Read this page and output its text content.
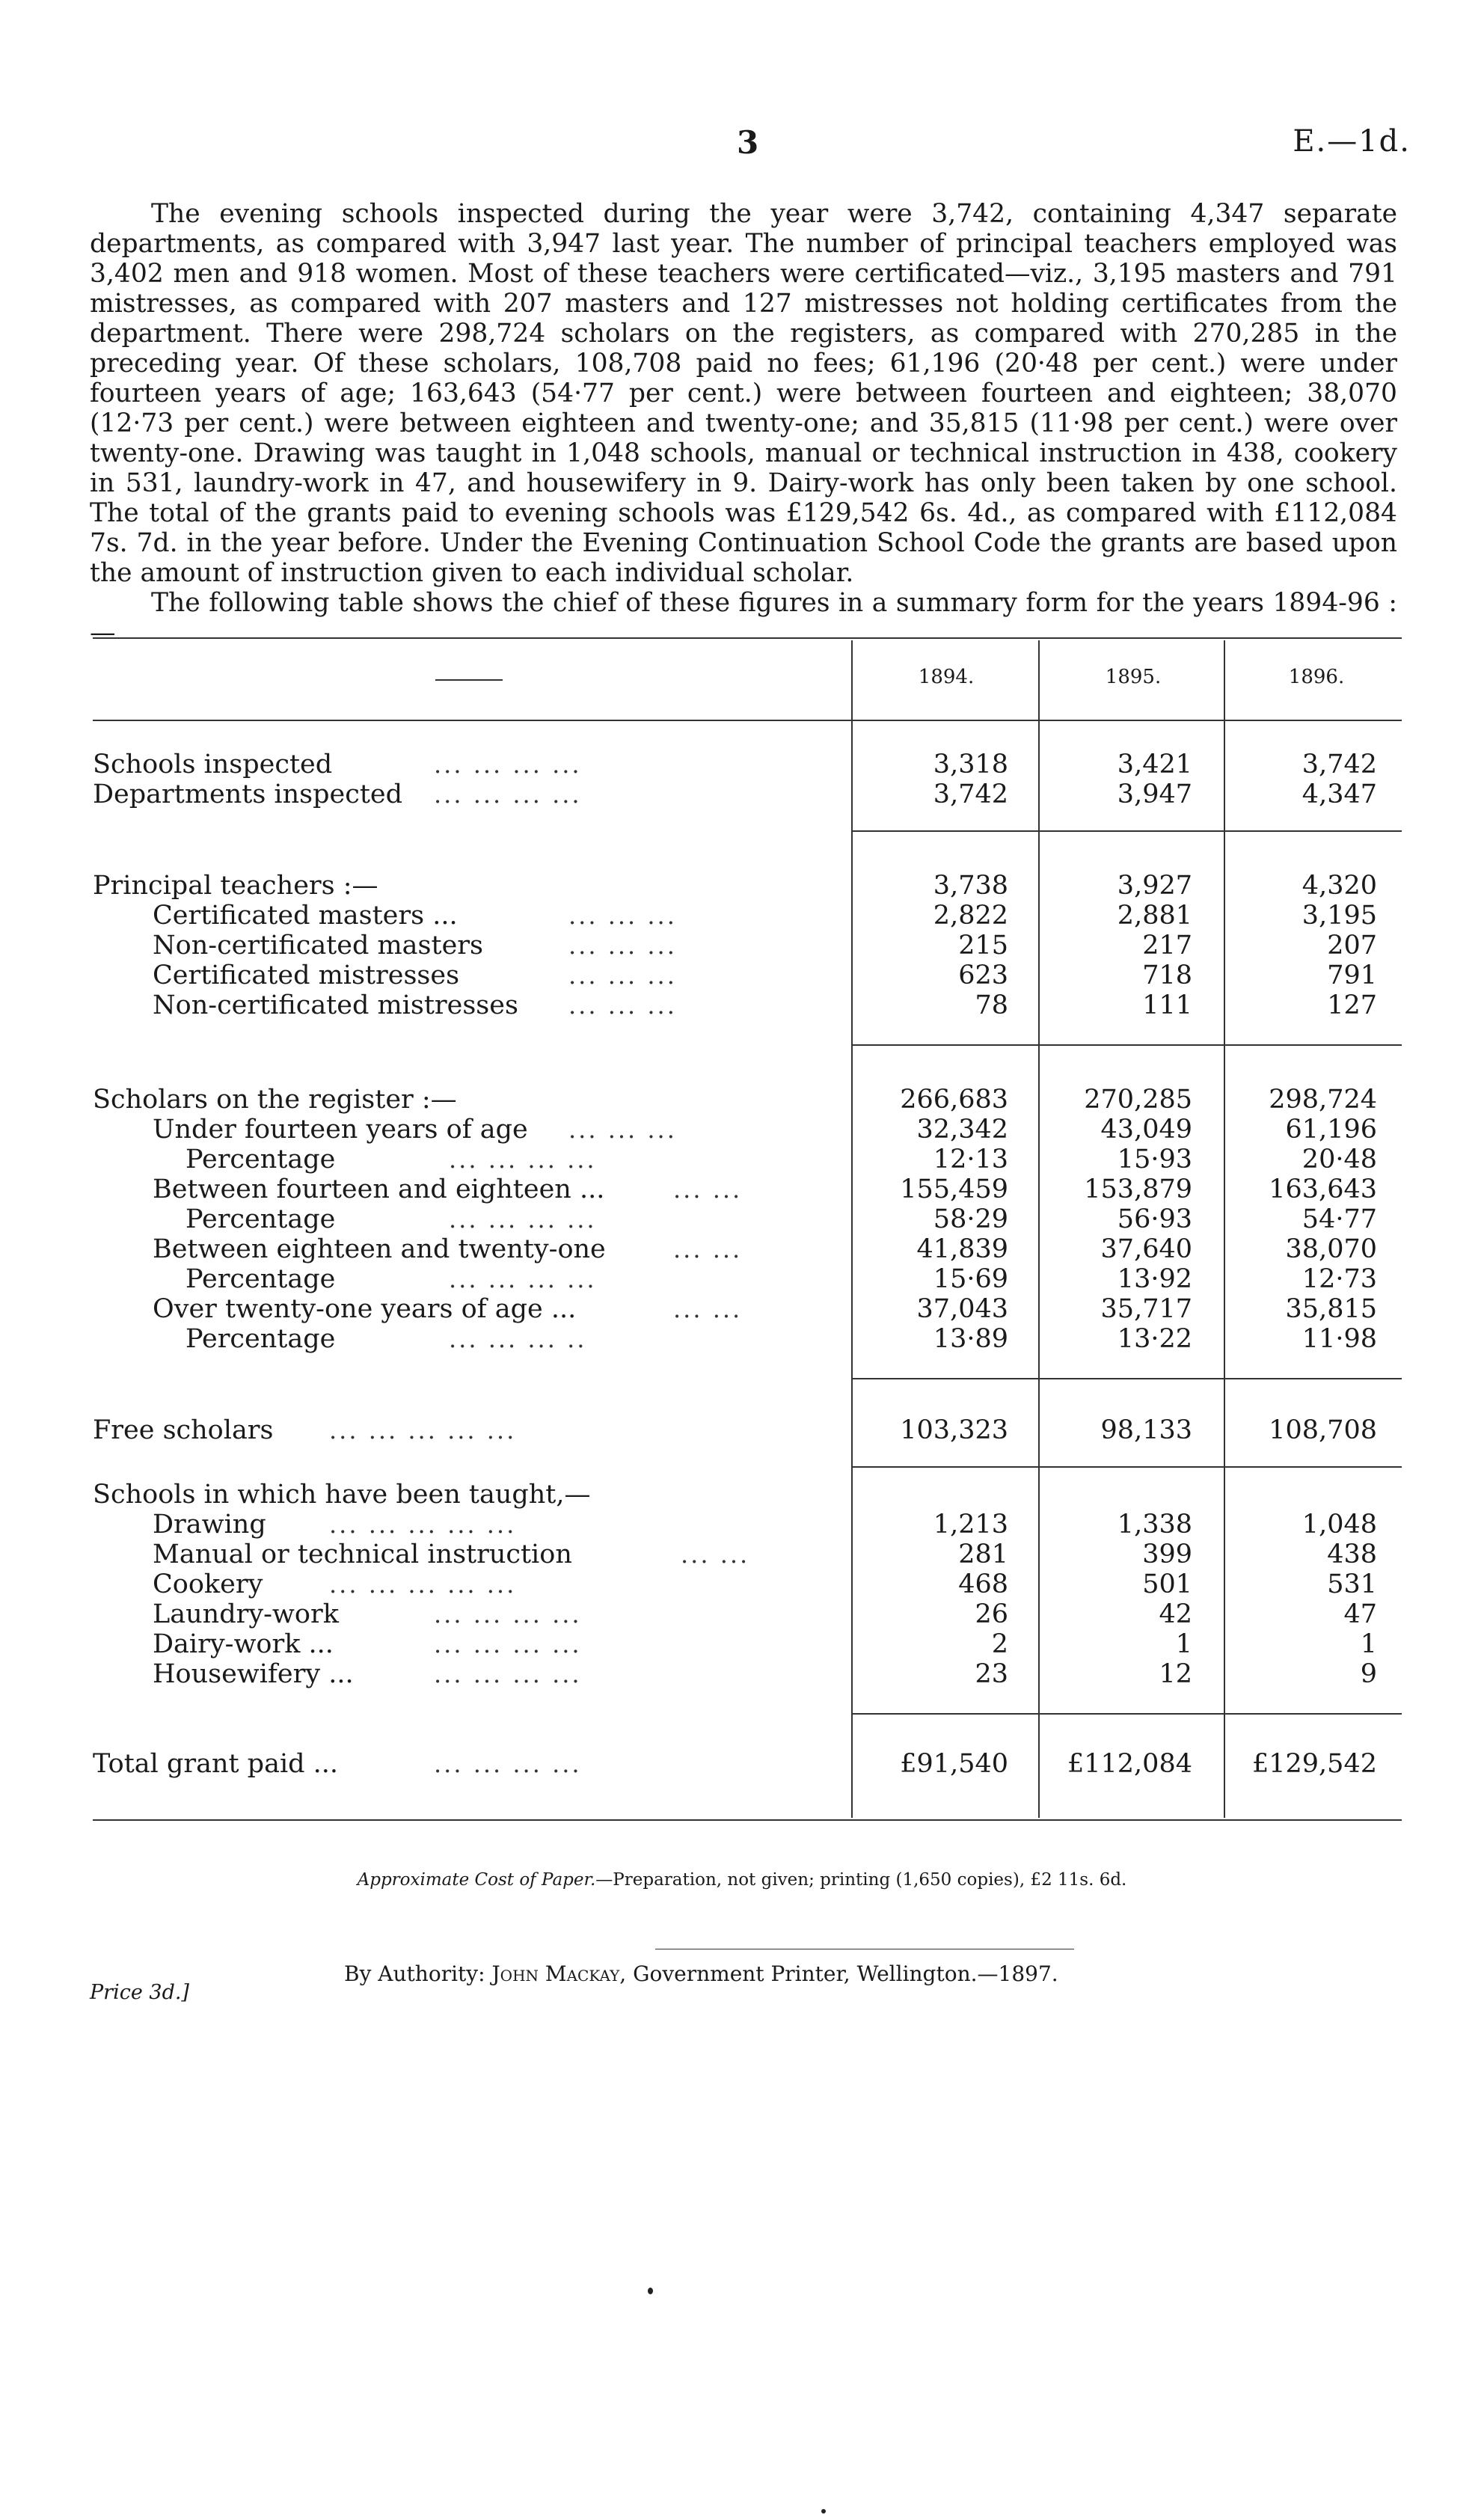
3	E.—1d.

The evening schools inspected during the year were 3,742, containing 4,347 separate departments, as compared with 3,947 last year. The number of principal teachers employed was 3,402 men and 918 women. Most of these teachers were certificated—viz., 3,195 masters and 791 mistresses, as compared with 207 masters and 127 mistresses not holding certificates from the department. There were 298,724 scholars on the registers, as compared with 270,285 in the preceding year. Of these scholars, 108,708 paid no fees; 61,196 (20·48 per cent.) were under fourteen years of age; 163,643 (54·77 per cent.) were between fourteen and eighteen; 38,070 (12·73 per cent.) were between eighteen and twenty-one; and 35,815 (11·98 per cent.) were over twenty-one. Drawing was taught in 1,048 schools, manual or technical instruction in 438, cookery in 531, laundry-work in 47, and housewifery in 9. Dairy-work has only been taken by one school. The total of the grants paid to evening schools was £129,542 6s. 4d., as compared with £112,084 7s. 7d. in the year before. Under the Evening Continuation School Code the grants are based upon the amount of instruction given to each individual scholar.

The following table shows the chief of these figures in a summary form for the years 1894-96 :—

1894.	1895.	1896.
Schools inspected	... ... ... ...	3,318	3,421	3,742
Departments inspected ... ... ... ...	3,742	3,947	4,347
Principal teachers :—	3,738	3,927	4,320
Certificated masters ...	... ... ...	2,822	2,881	3,195
Non-certificated masters	... ... ...	215	217	207
Certificated mistresses	... ... ...	623	718	791
Non-certificated mistresses ... ... ...	78	111	127
Scholars on the register :—	266,683	270,285	298,724
Under fourteen years of age ... ... ...	32,342	43,049	61,196
Percentage	... ... ... ...	12·13	15·93	20·48
Between fourteen and eighteen ...	... ...	155,459	153,879	163,643
Percentage	... ... ... ...	58·29	56·93	54·77
Between eighteen and twenty-one	... ...	41,839	37,640	38,070
Percentage	... ... ... ...	15·69	13·92	12·73
Over twenty-one years of age ...	... ...	37,043	35,717	35,815
Percentage	... ... ... ..	13·89	13·22	11·98
Free scholars ... ... ... ... ...	103,323	98,133	108,708
Schools in which have been taught,—
Drawing	... ... ... ... ...	1,213	1,338	1,048
Manual or technical instruction	... ...	281	399	438
Cookery	... ... ... ... ...	468	501	531
Laundry-work	... ... ... ...	26	42	47
Dairy-work ...	... ... ... ...	2	1	1
Housewifery ...	... ... ... ...	23	12	9
Total grant paid ...	... ... ... ...	£91,540 £112,084 £129,542
Approximate Cost of Paper.—Preparation, not given; printing (1,650 copies), £2 11s. 6d.
By Authority: John Mackay, Government Printer, Wellington.—1897.
Price 3d.]
